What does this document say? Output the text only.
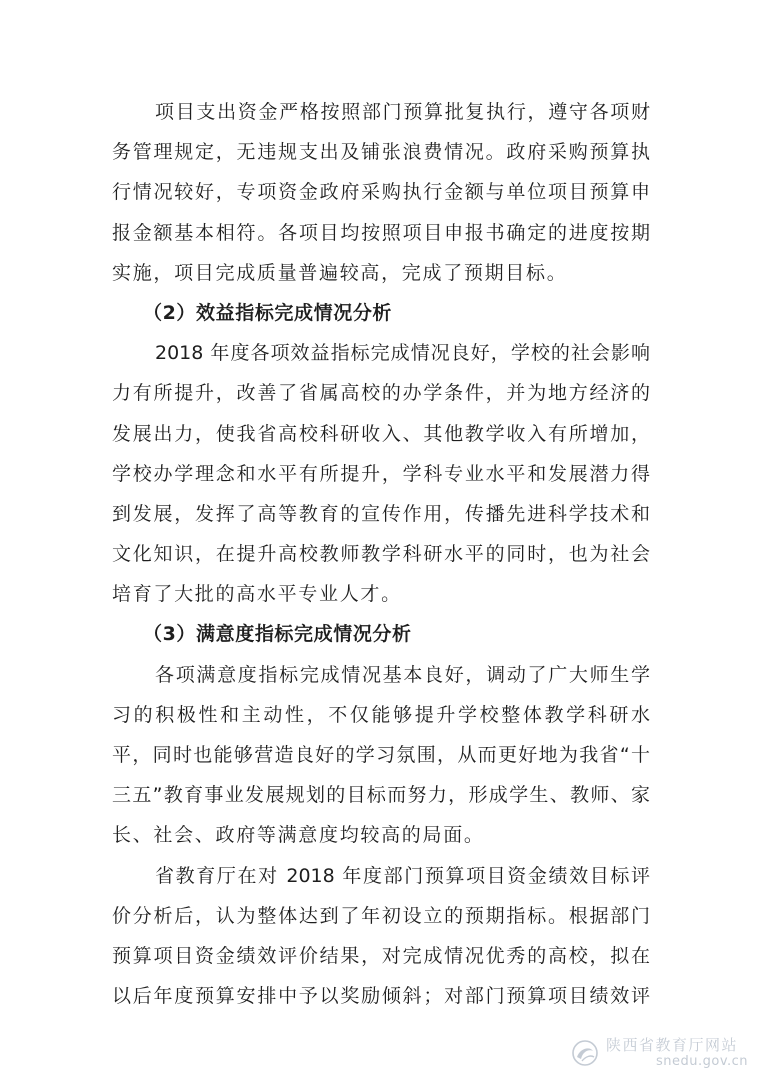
项目支出资金严格按照部门预算批复执行，遵守各项财
务管理规定，无违规支出及铺张浪费情况。政府采购预算执
行情况较好，专项资金政府采购执行金额与单位项目预算申
报金额基本相符。各项目均按照项目申报书确定的进度按期
实施，项目完成质量普遍较高，完成了预期目标。
（2）效益指标完成情况分析
2018 年度各项效益指标完成情况良好，学校的社会影响
力有所提升，改善了省属高校的办学条件，并为地方经济的
发展出力，使我省高校科研收入、其他教学收入有所增加，
学校办学理念和水平有所提升，学科专业水平和发展潜力得
到发展，发挥了高等教育的宣传作用，传播先进科学技术和
文化知识，在提升高校教师教学科研水平的同时，也为社会
培育了大批的高水平专业人才。
（3）满意度指标完成情况分析
各项满意度指标完成情况基本良好，调动了广大师生学
习的积极性和主动性，不仅能够提升学校整体教学科研水
平，同时也能够营造良好的学习氛围，从而更好地为我省“十
三五”教育事业发展规划的目标而努力，形成学生、教师、家
长、社会、政府等满意度均较高的局面。
省教育厅在对 2018 年度部门预算项目资金绩效目标评
价分析后，认为整体达到了年初设立的预期指标。根据部门
预算项目资金绩效评价结果，对完成情况优秀的高校，拟在
以后年度预算安排中予以奖励倾斜；对部门预算项目绩效评
陕西省教育厅网站
snedu.gov.cn
